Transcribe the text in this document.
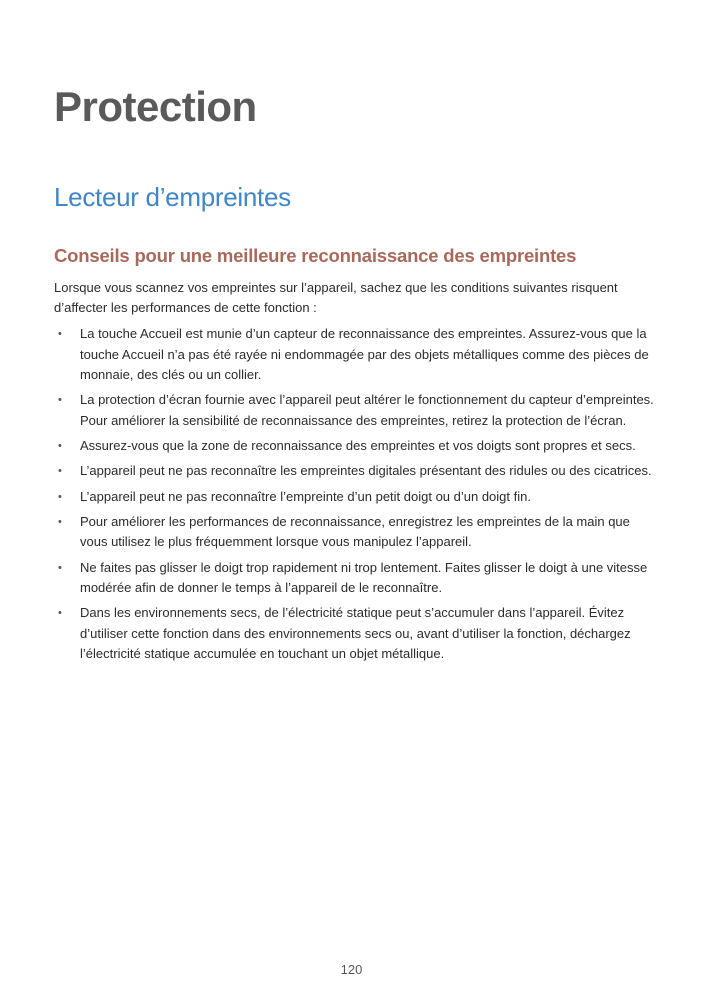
Protection
Lecteur d’empreintes
Conseils pour une meilleure reconnaissance des empreintes

Lorsque vous scannez vos empreintes sur l’appareil, sachez que les conditions suivantes risquent d’affecter les performances de cette fonction :

• La touche Accueil est munie d’un capteur de reconnaissance des empreintes. Assurez-vous que la touche Accueil n’a pas été rayée ni endommagée par des objets métalliques comme des pièces de monnaie, des clés ou un collier.
• La protection d’écran fournie avec l’appareil peut altérer le fonctionnement du capteur d’empreintes. Pour améliorer la sensibilité de reconnaissance des empreintes, retirez la protection de l’écran.
• Assurez-vous que la zone de reconnaissance des empreintes et vos doigts sont propres et secs.
• L’appareil peut ne pas reconnaître les empreintes digitales présentant des ridules ou des cicatrices.
• L’appareil peut ne pas reconnaître l’empreinte d’un petit doigt ou d’un doigt fin.
• Pour améliorer les performances de reconnaissance, enregistrez les empreintes de la main que vous utilisez le plus fréquemment lorsque vous manipulez l’appareil.
• Ne faites pas glisser le doigt trop rapidement ni trop lentement. Faites glisser le doigt à une vitesse modérée afin de donner le temps à l’appareil de le reconnaître.
• Dans les environnements secs, de l’électricité statique peut s’accumuler dans l’appareil. Évitez d’utiliser cette fonction dans des environnements secs ou, avant d’utiliser la fonction, déchargez l’électricité statique accumulée en touchant un objet métallique.
120
